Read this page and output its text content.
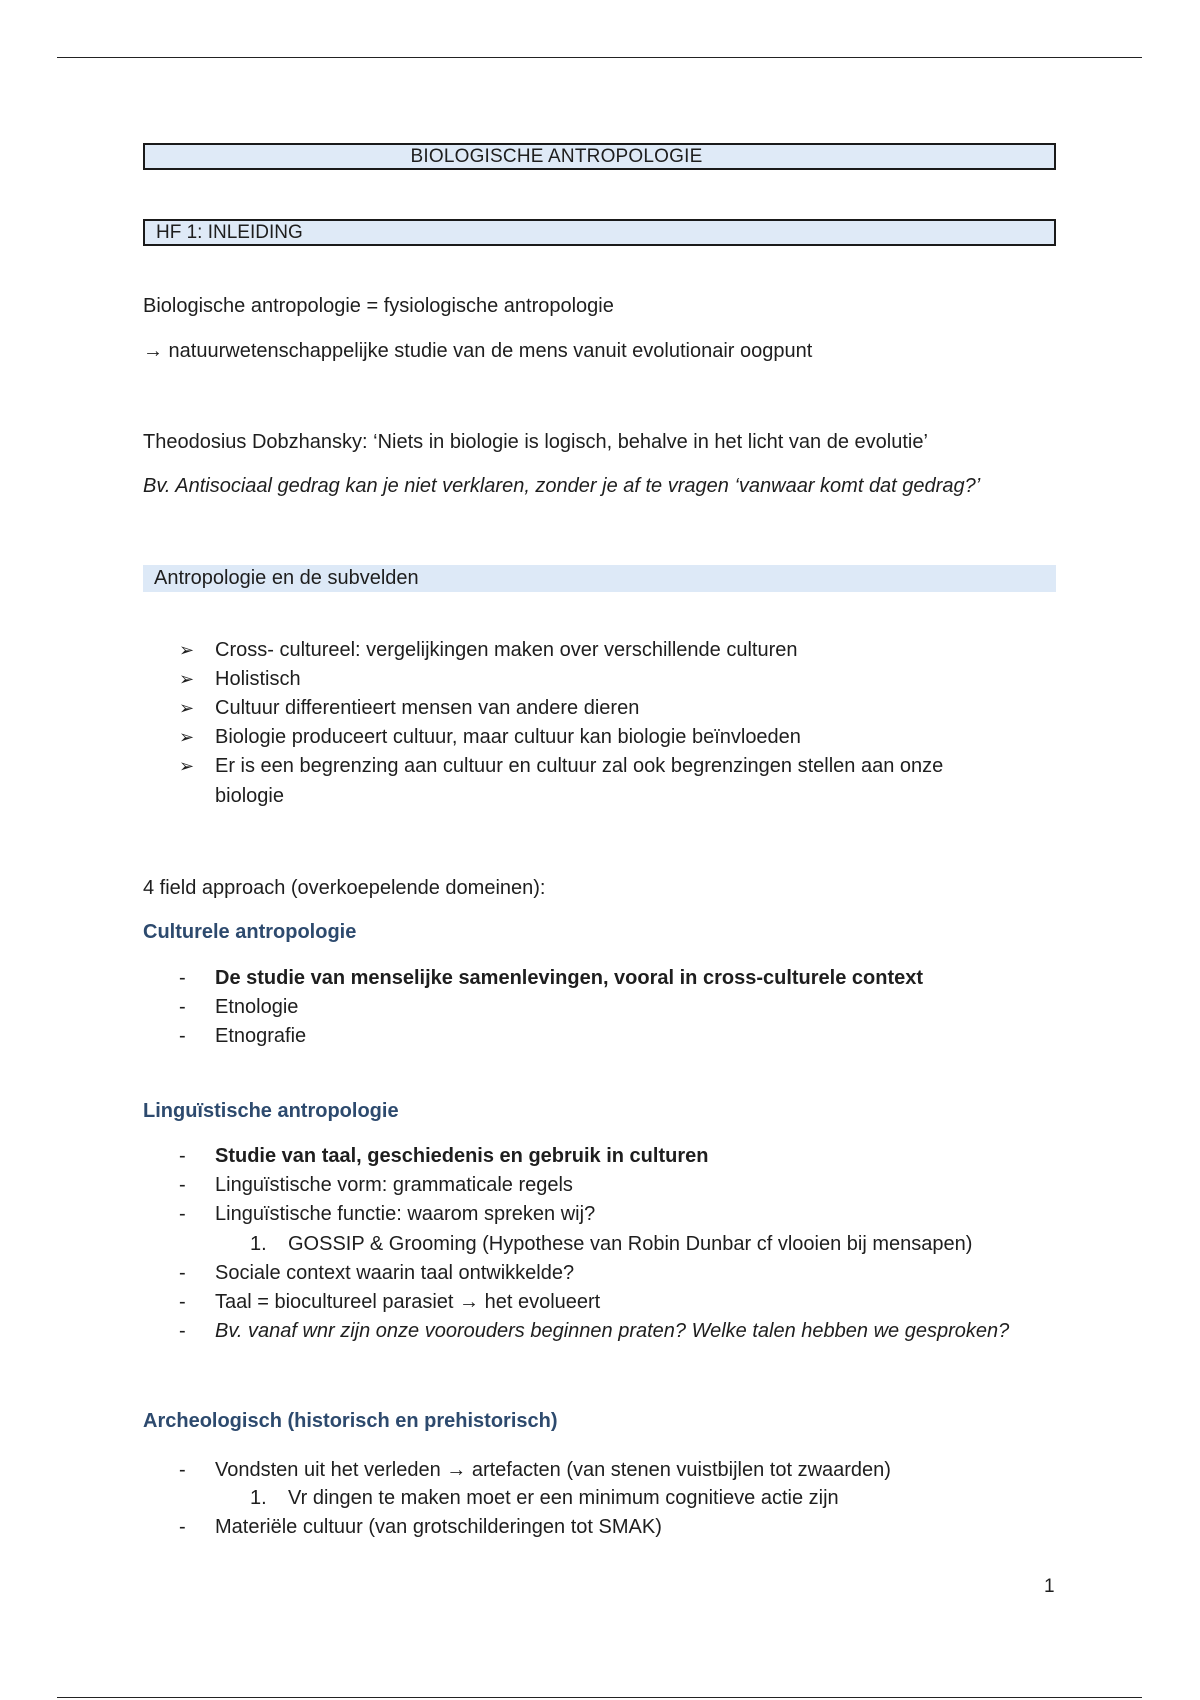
BIOLOGISCHE ANTROPOLOGIE
HF 1: INLEIDING
Biologische antropologie = fysiologische antropologie
→ natuurwetenschappelijke studie van de mens vanuit evolutionair oogpunt
Theodosius Dobzhansky: ‘Niets in biologie is logisch, behalve in het licht van de evolutie’
Bv. Antisociaal gedrag kan je niet verklaren, zonder je af te vragen ‘vanwaar komt dat gedrag?’
Antropologie en de subvelden
➢ Cross- cultureel: vergelijkingen maken over verschillende culturen
➢ Holistisch
➢ Cultuur differentieert mensen van andere dieren
➢ Biologie produceert cultuur, maar cultuur kan biologie beïnvloeden
➢ Er is een begrenzing aan cultuur en cultuur zal ook begrenzingen stellen aan onze
biologie
4 field approach (overkoepelende domeinen):
Culturele antropologie
- De studie van menselijke samenlevingen, vooral in cross-culturele context
- Etnologie
- Etnografie
Linguïstische antropologie
- Studie van taal, geschiedenis en gebruik in culturen
- Linguïstische vorm: grammaticale regels
- Linguïstische functie: waarom spreken wij?
1. GOSSIP & Grooming (Hypothese van Robin Dunbar cf vlooien bij mensapen)
- Sociale context waarin taal ontwikkelde?
- Taal = biocultureel parasiet → het evolueert
- Bv. vanaf wnr zijn onze voorouders beginnen praten? Welke talen hebben we gesproken?
Archeologisch (historisch en prehistorisch)
- Vondsten uit het verleden → artefacten (van stenen vuistbijlen tot zwaarden)
1. Vr dingen te maken moet er een minimum cognitieve actie zijn
- Materiële cultuur (van grotschilderingen tot SMAK)
1
